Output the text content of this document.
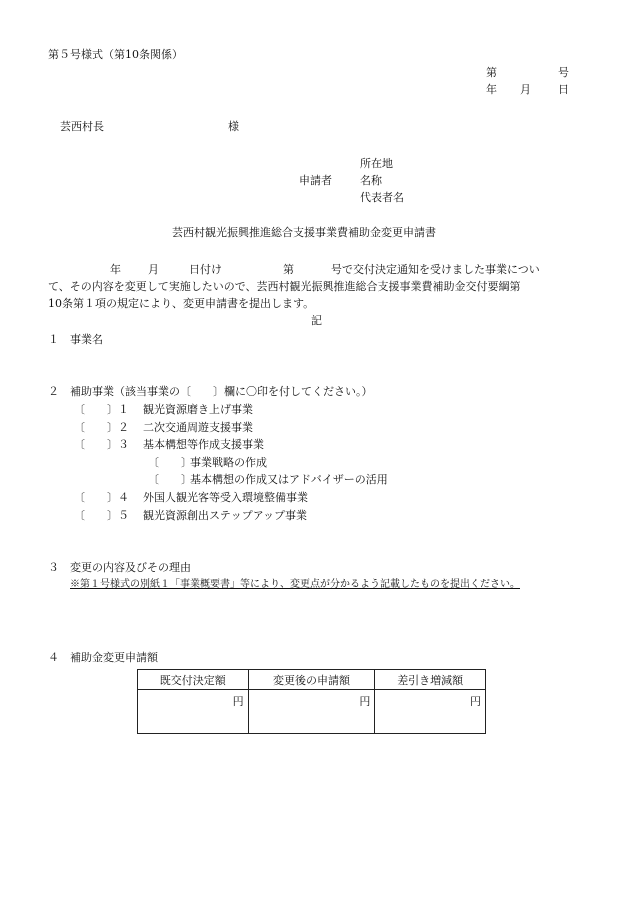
第５号様式（第10条関係）
第	号
年 月 日
芸西村長	様
所在地
申請者	名称
代表者名
芸西村観光振興推進総合支援事業費補助金変更申請書
年 月	日付け	第	号で交付決定通知を受けました事業につい
て、その内容を変更して実施したいので、芸西村観光振興推進総合支援事業費補助金交付要綱第
10条第１項の規定により、変更申請書を提出します。
記
１ 事業名
２ 補助事業（該当事業の〔　　〕欄に〇印を付してください。）
〔　　〕１ 観光資源磨き上げ事業
〔　　〕２ 二次交通周遊支援事業
〔　　〕３ 基本構想等作成支援事業
〔　　〕
事業戦略の作成
〔　　〕
基本構想の作成又はアドバイザーの活用
〔　　〕４ 外国人観光客等受入環境整備事業
〔　　〕５ 観光資源創出ステップアップ事業
３ 変更の内容及びその理由
※第１号様式の別紙１「事業概要書」等により、変更点が分かるよう記載したものを提出ください。
４ 補助金変更申請額
既交付決定額	変更後の申請額	差引き増減額
円	円	円
